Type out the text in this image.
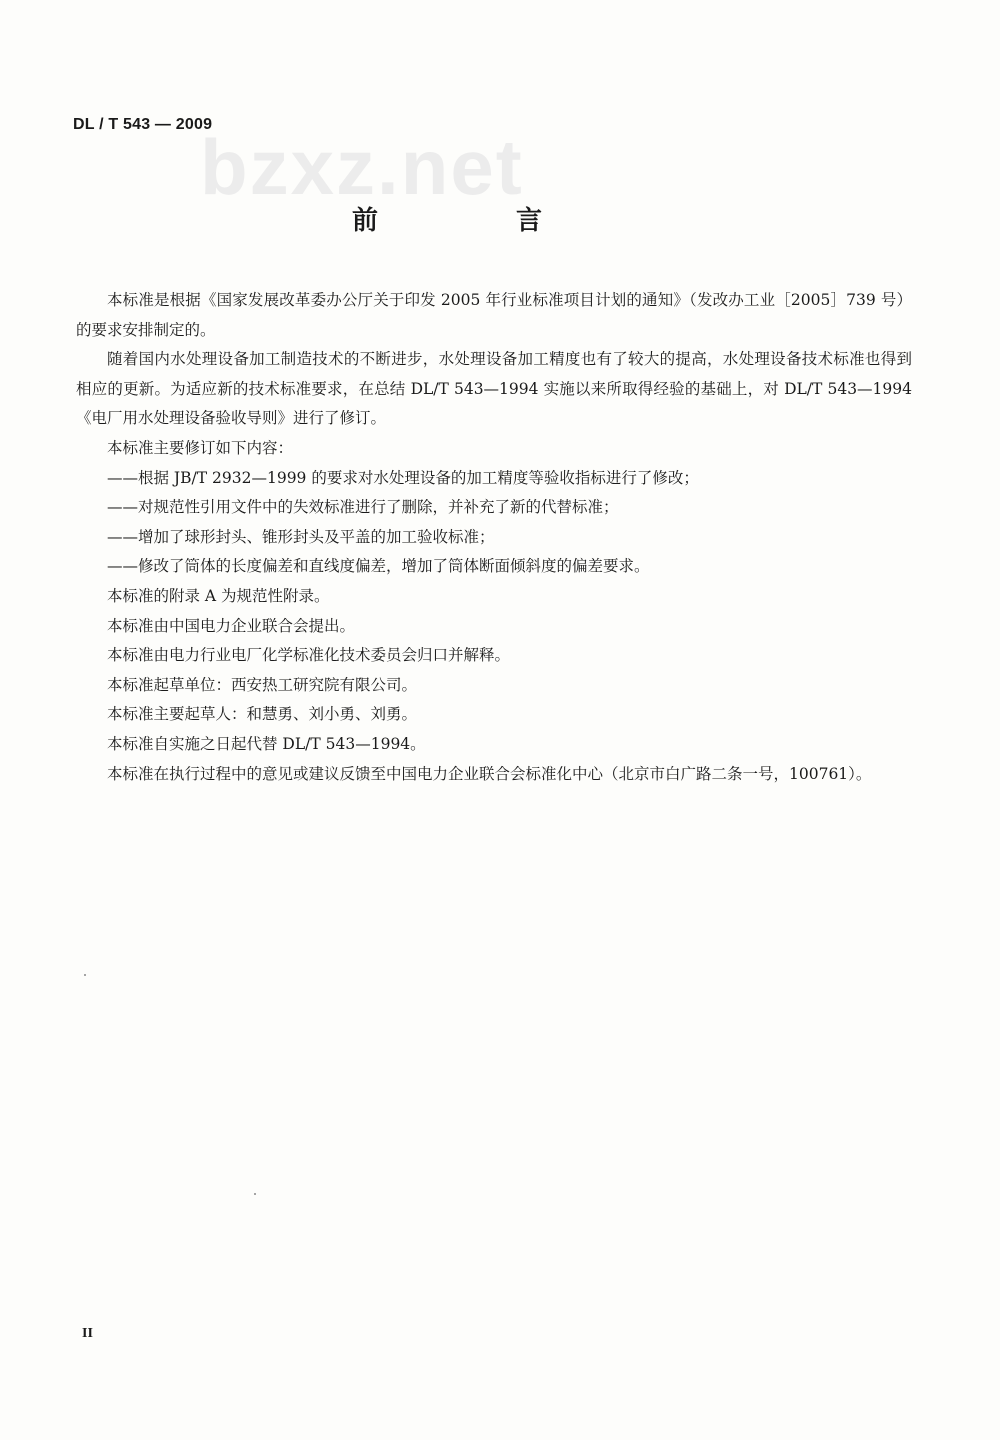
DL / T 543 — 2009
bzxz.net
前　言

本标准是根据《国家发展改革委办公厅关于印发 2005 年行业标准项目计划的通知》（发改办工业［2005］739 号）的要求安排制定的。

随着国内水处理设备加工制造技术的不断进步，水处理设备加工精度也有了较大的提高，水处理设备技术标准也得到相应的更新。为适应新的技术标准要求，在总结 DL/T 543—1994 实施以来所取得经验的基础上，对 DL/T 543—1994《电厂用水处理设备验收导则》进行了修订。

本标准主要修订如下内容：

——根据 JB/T 2932—1999 的要求对水处理设备的加工精度等验收指标进行了修改；

——对规范性引用文件中的失效标准进行了删除，并补充了新的代替标准；

——增加了球形封头、锥形封头及平盖的加工验收标准；

——修改了筒体的长度偏差和直线度偏差，增加了筒体断面倾斜度的偏差要求。

本标准的附录 A 为规范性附录。

本标准由中国电力企业联合会提出。

本标准由电力行业电厂化学标准化技术委员会归口并解释。

本标准起草单位：西安热工研究院有限公司。

本标准主要起草人：和慧勇、刘小勇、刘勇。

本标准自实施之日起代替 DL/T 543—1994。

本标准在执行过程中的意见或建议反馈至中国电力企业联合会标准化中心（北京市白广路二条一号，100761）。

II
